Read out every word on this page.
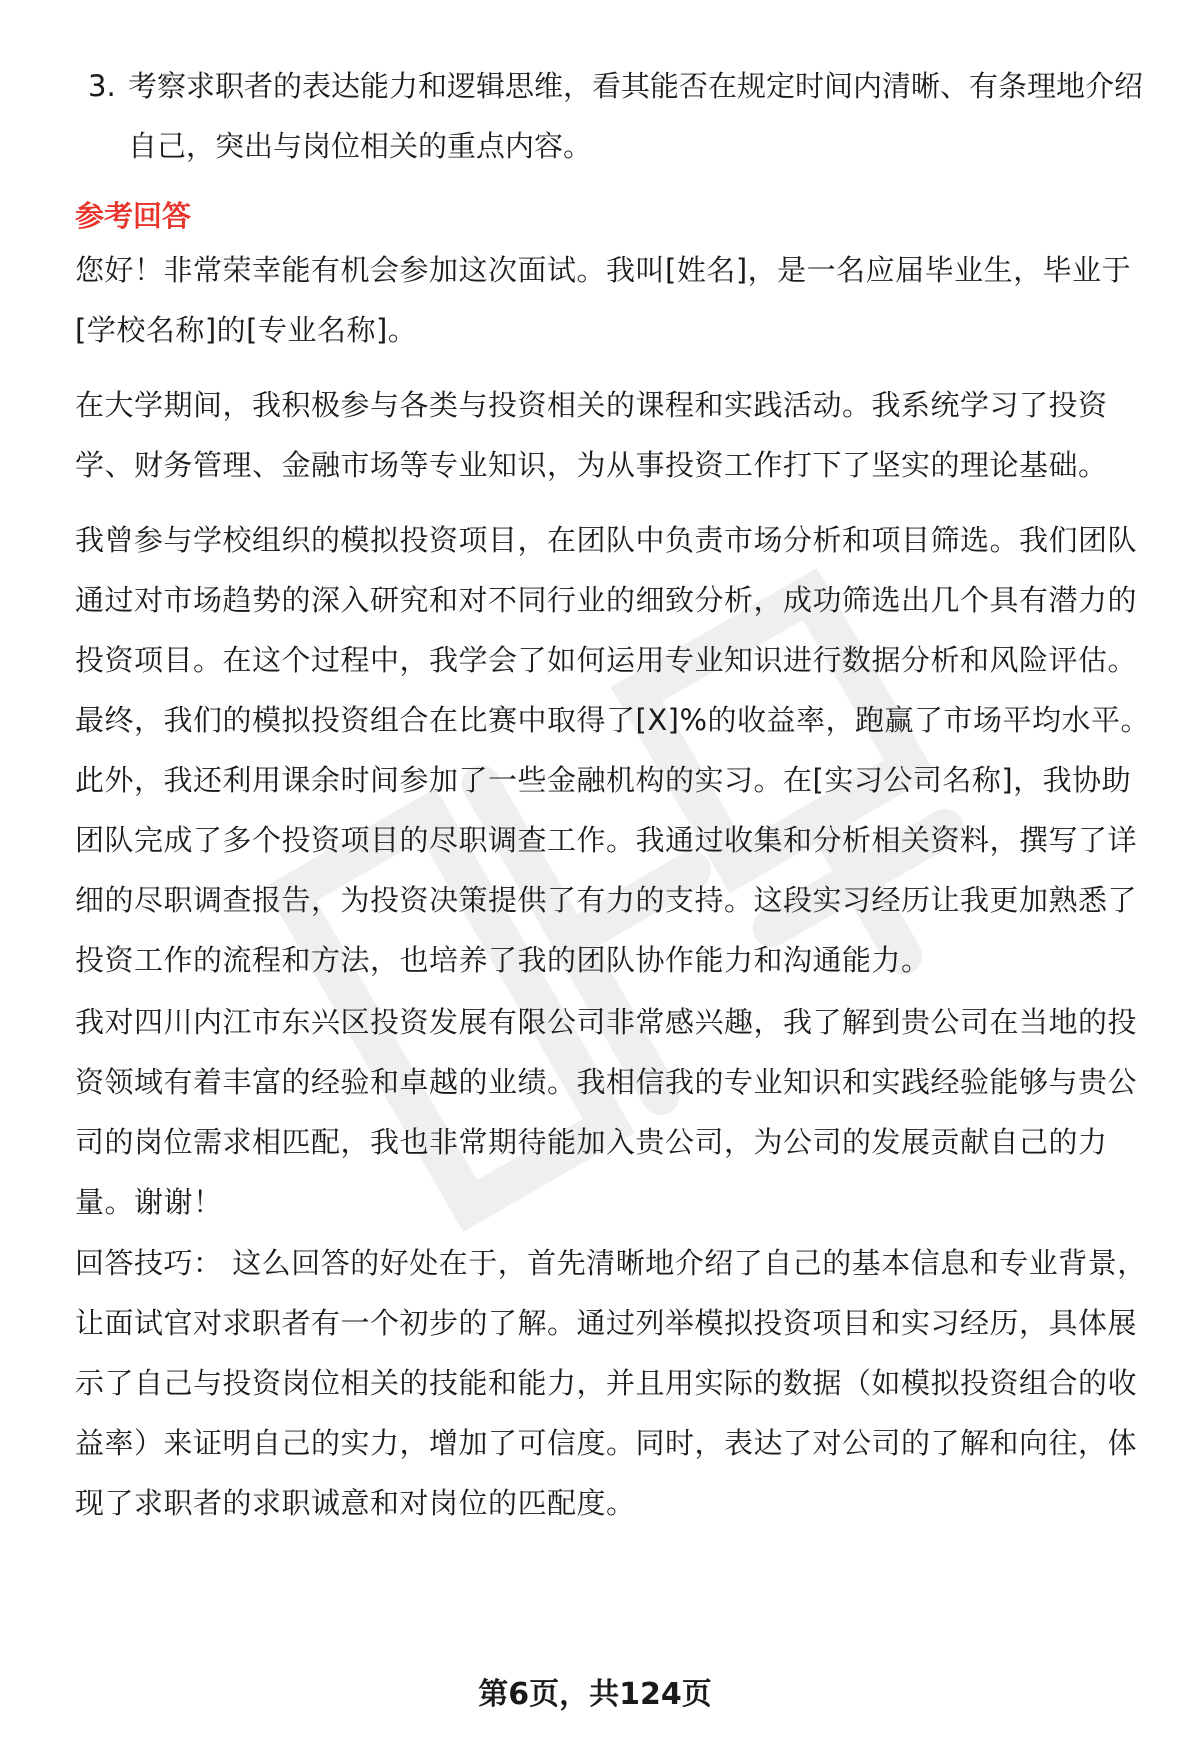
3. 考察求职者的表达能力和逻辑思维，看其能否在规定时间内清晰、有条理地介绍自己，突出与岗位相关的重点内容。
参考回答
您好！非常荣幸能有机会参加这次面试。我叫[姓名]，是一名应届毕业生，毕业于[学校名称]的[专业名称]。
在大学期间，我积极参与各类与投资相关的课程和实践活动。我系统学习了投资学、财务管理、金融市场等专业知识，为从事投资工作打下了坚实的理论基础。
我曾参与学校组织的模拟投资项目，在团队中负责市场分析和项目筛选。我们团队通过对市场趋势的深入研究和对不同行业的细致分析，成功筛选出几个具有潜力的投资项目。在这个过程中，我学会了如何运用专业知识进行数据分析和风险评估。最终，我们的模拟投资组合在比赛中取得了[X]%的收益率，跑赢了市场平均水平。
此外，我还利用课余时间参加了一些金融机构的实习。在[实习公司名称]，我协助团队完成了多个投资项目的尽职调查工作。我通过收集和分析相关资料，撰写了详细的尽职调查报告，为投资决策提供了有力的支持。这段实习经历让我更加熟悉了投资工作的流程和方法，也培养了我的团队协作能力和沟通能力。
我对四川内江市东兴区投资发展有限公司非常感兴趣，我了解到贵公司在当地的投资领域有着丰富的经验和卓越的业绩。我相信我的专业知识和实践经验能够与贵公司的岗位需求相匹配，我也非常期待能加入贵公司，为公司的发展贡献自己的力量。谢谢！
回答技巧： 这么回答的好处在于，首先清晰地介绍了自己的基本信息和专业背景，让面试官对求职者有一个初步的了解。通过列举模拟投资项目和实习经历，具体展示了自己与投资岗位相关的技能和能力，并且用实际的数据（如模拟投资组合的收益率）来证明自己的实力，增加了可信度。同时，表达了对公司的了解和向往，体现了求职者的求职诚意和对岗位的匹配度。
第6页，共124页
